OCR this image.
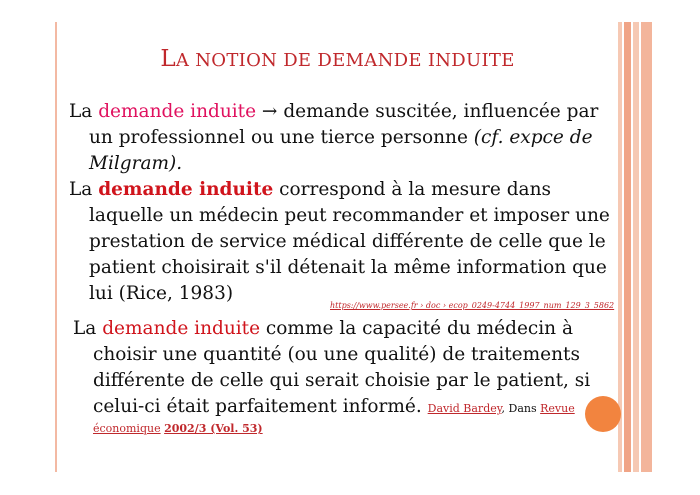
LA NOTION DE DEMANDE INDUITE
La demande induite → demande suscitée, influencée par
un professionnel ou une tierce personne (cf. expce de
Milgram).
La demande induite correspond à la mesure dans
laquelle un médecin peut recommander et imposer une
prestation de service médical différente de celle que le
patient choisirait s'il détenait la même information que
lui (Rice, 1983)
https://www.persee.fr › doc › ecop_0249-4744_1997_num_129_3_5862
La demande induite comme la capacité du médecin à
choisir une quantité (ou une qualité) de traitements
différente de celle qui serait choisie par le patient, si
celui-ci était parfaitement informé. David Bardey, Dans Revue
économique 2002/3 (Vol. 53)
